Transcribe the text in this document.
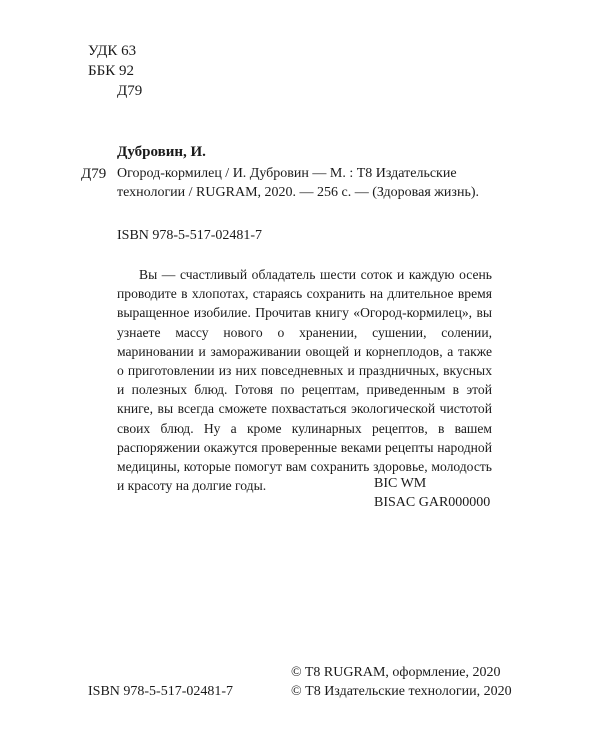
УДК 63
ББК 92
Д79
Д79
Дубровин, И.
Огород-кормилец / И. Дубровин — М. : Т8 Издательские
технологии / RUGRAM, 2020. — 256 с. — (Здоровая жизнь).
ISBN 978-5-517-02481-7

Вы — счастливый обладатель шести соток и каждую осень проводите в хлопотах, стараясь сохранить на длительное время выращенное изобилие. Прочитав книгу «Огород-кормилец», вы узнаете массу нового о хранении, сушении, солении, мариновании и замораживании овощей и корнеплодов, а также о приготовлении из них повседневных и праздничных, вкусных и полезных блюд. Готовя по рецептам, приведенным в этой книге, вы всегда сможете похвастаться экологической чистотой своих блюд. Ну а кроме кулинарных рецептов, в вашем распоряжении окажутся проверенные веками рецепты народной медицины, которые помогут вам сохранить здоровье, молодость и красоту на долгие годы.	BIC WM
BISAC GAR000000
ISBN 978-5-517-02481-7
© T8 RUGRAM, оформление, 2020
© Т8 Издательские технологии, 2020
